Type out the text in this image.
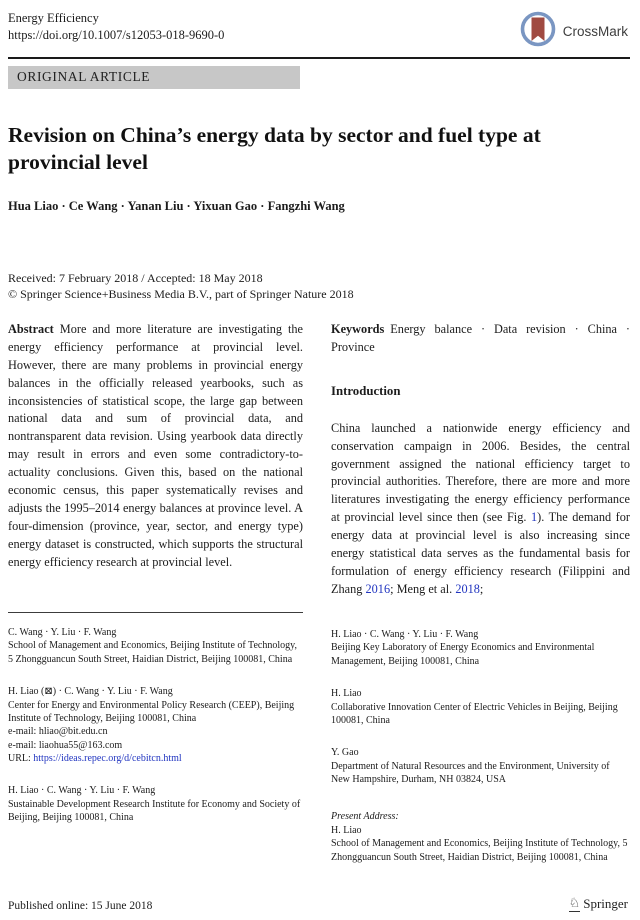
Energy Efficiency
https://doi.org/10.1007/s12053-018-9690-0	CrossMark
ORIGINAL ARTICLE
Revision on China’s energy data by sector and fuel type at provincial level
Hua Liao · Ce Wang · Yanan Liu · Yixuan Gao · Fangzhi Wang
Received: 7 February 2018 / Accepted: 18 May 2018
© Springer Science+Business Media B.V., part of Springer Nature 2018

Abstract More and more literature are investigating the energy efficiency performance at provincial level. However, there are many problems in provincial energy balances in the officially released yearbooks, such as inconsistencies of statistical scope, the large gap between national data and sum of provincial data, and nontransparent data revision. Using yearbook data directly may result in errors and even some contradictory-to-actuality conclusions. Given this, based on the national economic census, this paper systematically revises and adjusts the 1995–2014 energy balances at province level. A four-dimension (province, year, sector, and energy type) energy dataset is constructed, which supports the structural energy efficiency research at provincial level.

Keywords Energy balance · Data revision · China · Province

Introduction

China launched a nationwide energy efficiency and conservation campaign in 2006. Besides, the central government assigned the national efficiency target to provincial authorities. Therefore, there are more and more literatures investigating the energy efficiency performance at provincial level since then (see Fig. 1). The demand for energy data at provincial level is also increasing since energy statistical data serves as the fundamental basis for formulation of energy efficiency research (Filippini and Zhang 2016; Meng et al. 2018;

C. Wang · Y. Liu · F. Wang
School of Management and Economics, Beijing Institute of Technology, 5 Zhongguancun South Street, Haidian District, Beijing 100081, China
H. Liao (⊠) · C. Wang · Y. Liu · F. Wang
Center for Energy and Environmental Policy Research (CEEP), Beijing Institute of Technology, Beijing 100081, China
e-mail: hliao@bit.edu.cn
e-mail: liaohua55@163.com
URL: https://ideas.repec.org/d/cebitcn.html
H. Liao · C. Wang · Y. Liu · F. Wang
Sustainable Development Research Institute for Economy and Society of Beijing, Beijing 100081, China
H. Liao · C. Wang · Y. Liu · F. Wang
Beijing Key Laboratory of Energy Economics and Environmental Management, Beijing 100081, China
H. Liao
Collaborative Innovation Center of Electric Vehicles in Beijing, Beijing 100081, China
Y. Gao
Department of Natural Resources and the Environment, University of New Hampshire, Durham, NH 03824, USA
Present Address:
H. Liao
School of Management and Economics, Beijing Institute of Technology, 5 Zhongguancun South Street, Haidian District, Beijing 100081, China
Published online: 15 June 2018	♘ Springer
